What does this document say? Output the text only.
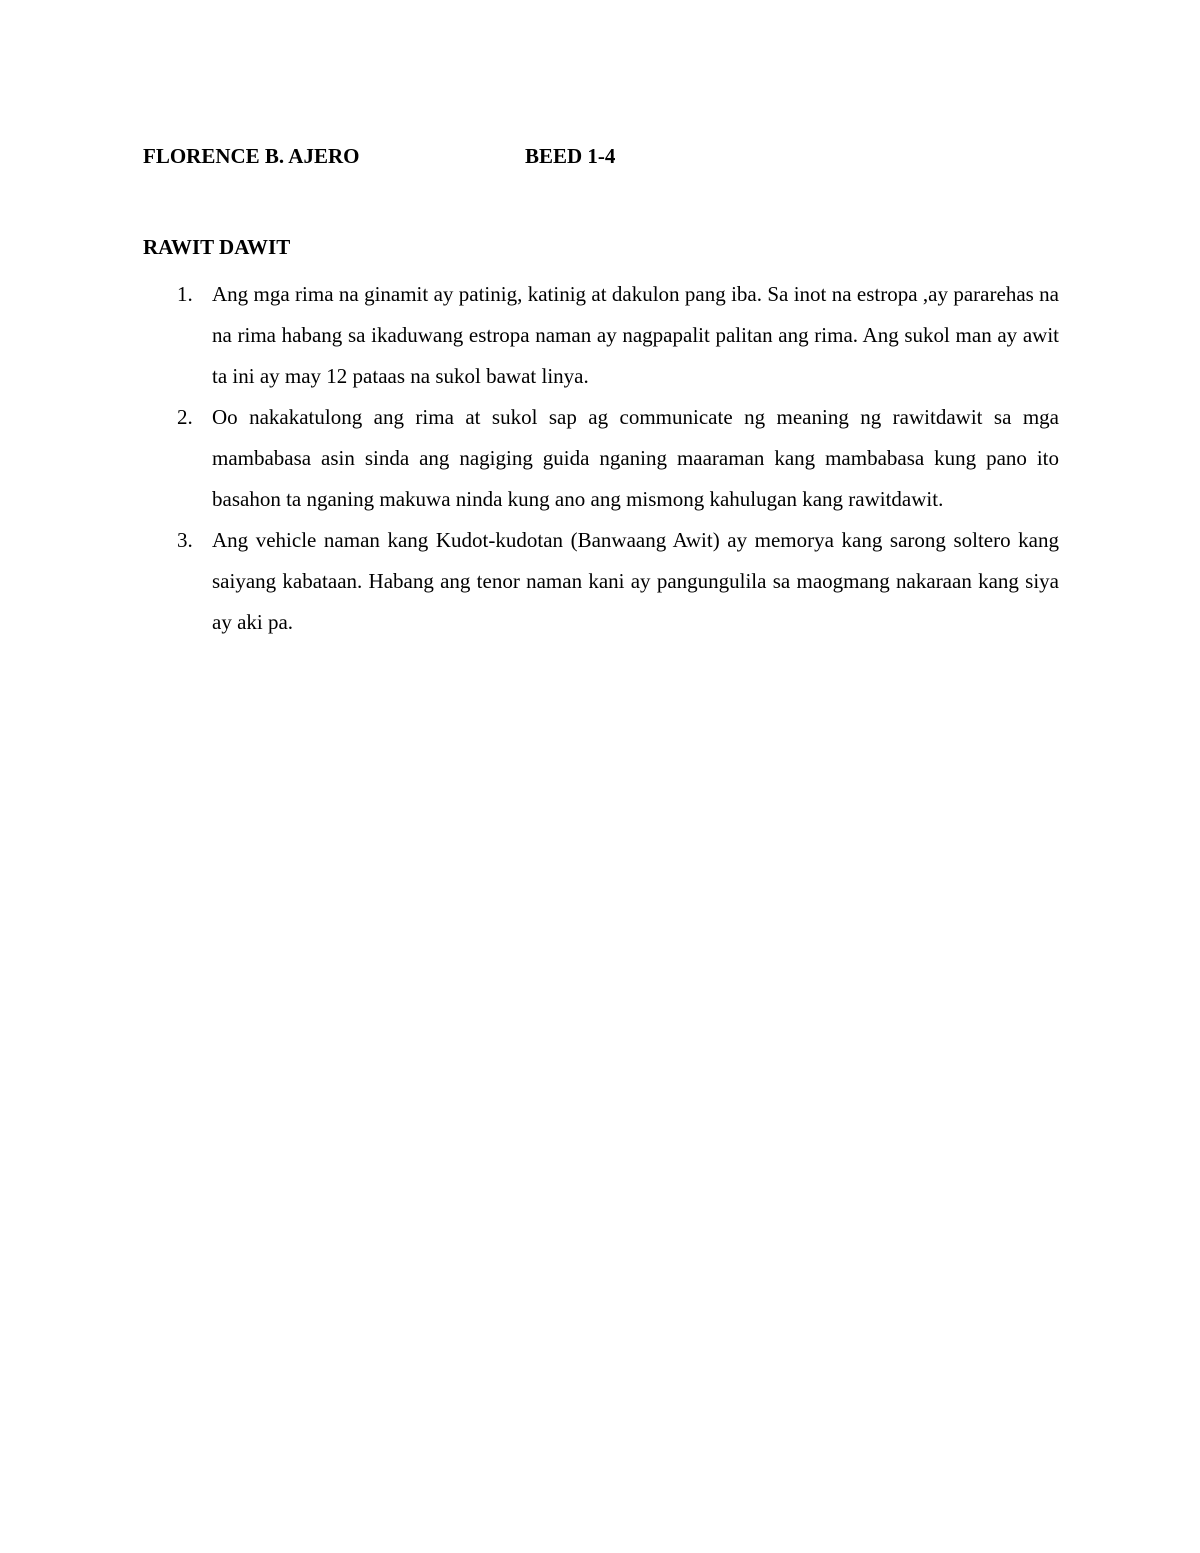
FLORENCE B. AJERO	BEED 1-4
RAWIT DAWIT
1. Ang mga rima na ginamit ay patinig, katinig at dakulon pang iba. Sa inot na estropa ,ay pararehas na na rima habang sa ikaduwang estropa naman ay nagpapalit palitan ang rima. Ang sukol man ay awit ta ini ay may 12 pataas na sukol bawat linya.
2. Oo nakakatulong ang rima at sukol sap ag communicate ng meaning ng rawitdawit sa mga mambabasa asin sinda ang nagiging guida nganing maaraman kang mambabasa kung pano ito basahon ta nganing makuwa ninda kung ano ang mismong kahulugan kang rawitdawit.
3. Ang vehicle naman kang Kudot-kudotan (Banwaang Awit) ay memorya kang sarong soltero kang saiyang kabataan. Habang ang tenor naman kani ay pangungulila sa maogmang nakaraan kang siya ay aki pa.
